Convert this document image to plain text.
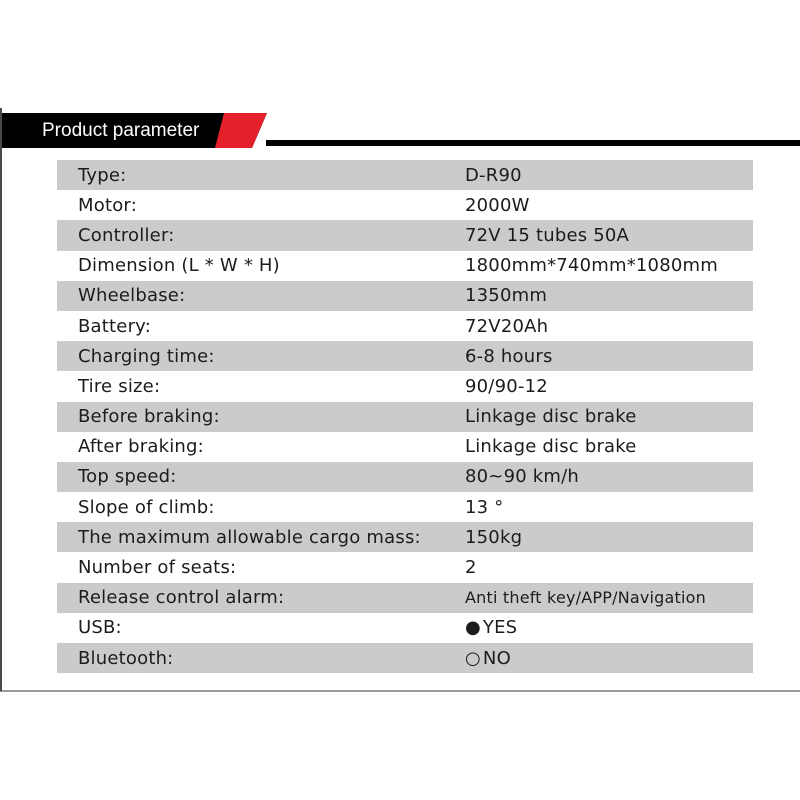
Product parameter
Type:	D-R90
Motor:	2000W
Controller:	72V 15 tubes 50A
Dimension (L * W * H)	1800mm*740mm*1080mm
Wheelbase:	1350mm
Battery:	72V20Ah
Charging time:	6-8 hours
Tire size:	90/90-12
Before braking:	Linkage disc brake
After braking:	Linkage disc brake
Top speed:	80~90 km/h
Slope of climb:	13 °
The maximum allowable cargo mass: 150kg
Number of seats:	2
Release control alarm:	Anti theft key/APP/Navigation
USB:	● YES
Bluetooth:	○ NO
